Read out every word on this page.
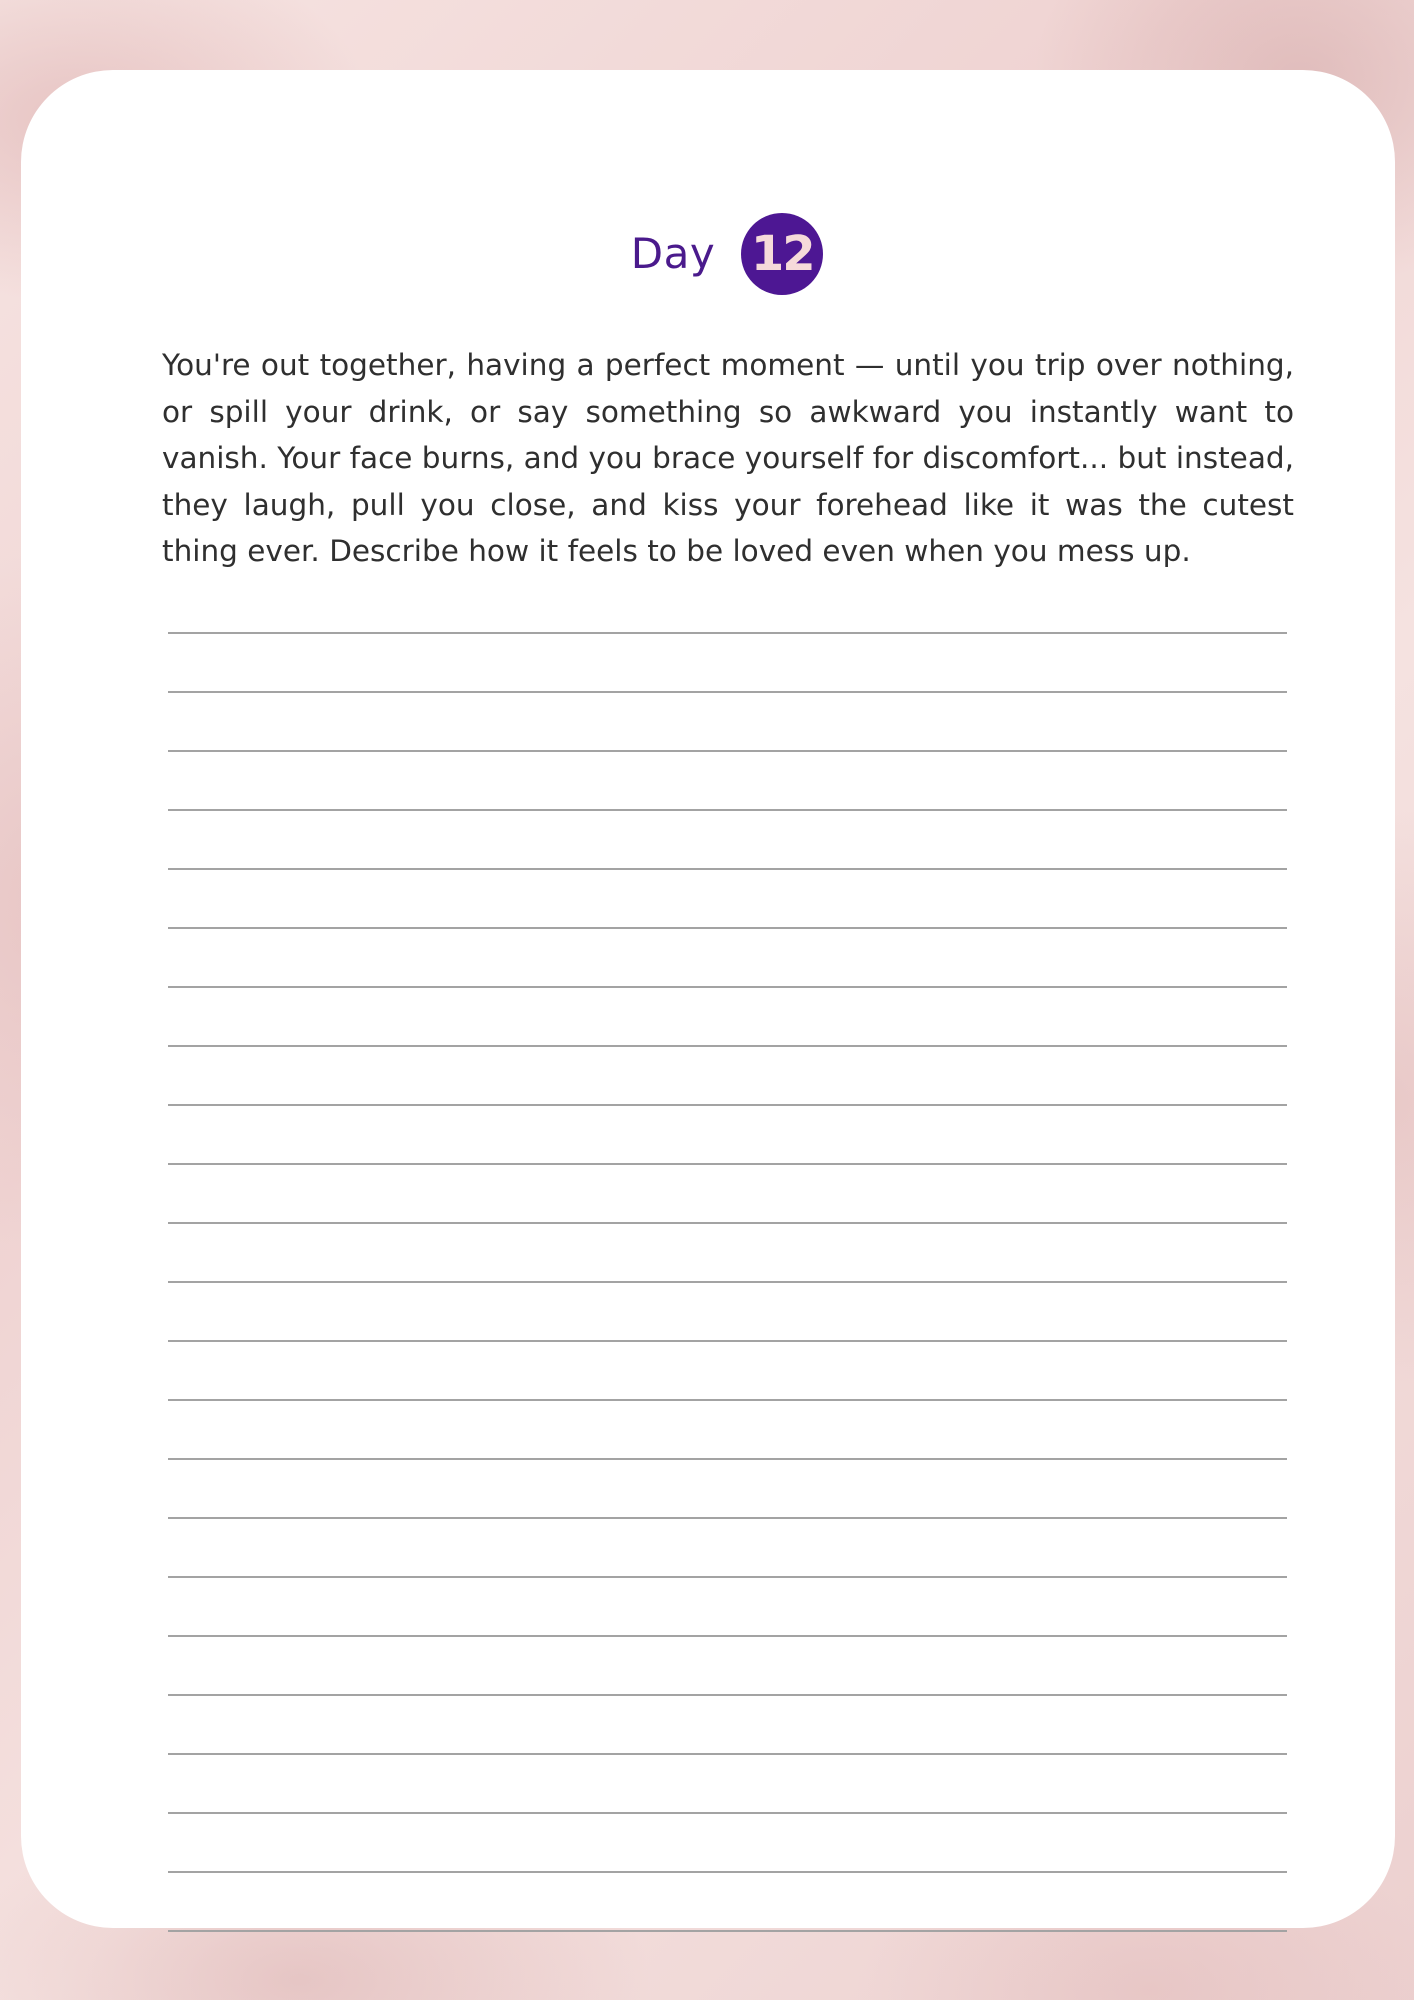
Day 12

You're out together, having a perfect moment — until you trip over nothing, or spill your drink, or say something so awkward you instantly want to vanish. Your face burns, and you brace yourself for discomfort... but instead, they laugh, pull you close, and kiss your forehead like it was the cutest thing ever. Describe how it feels to be loved even when you mess up.
